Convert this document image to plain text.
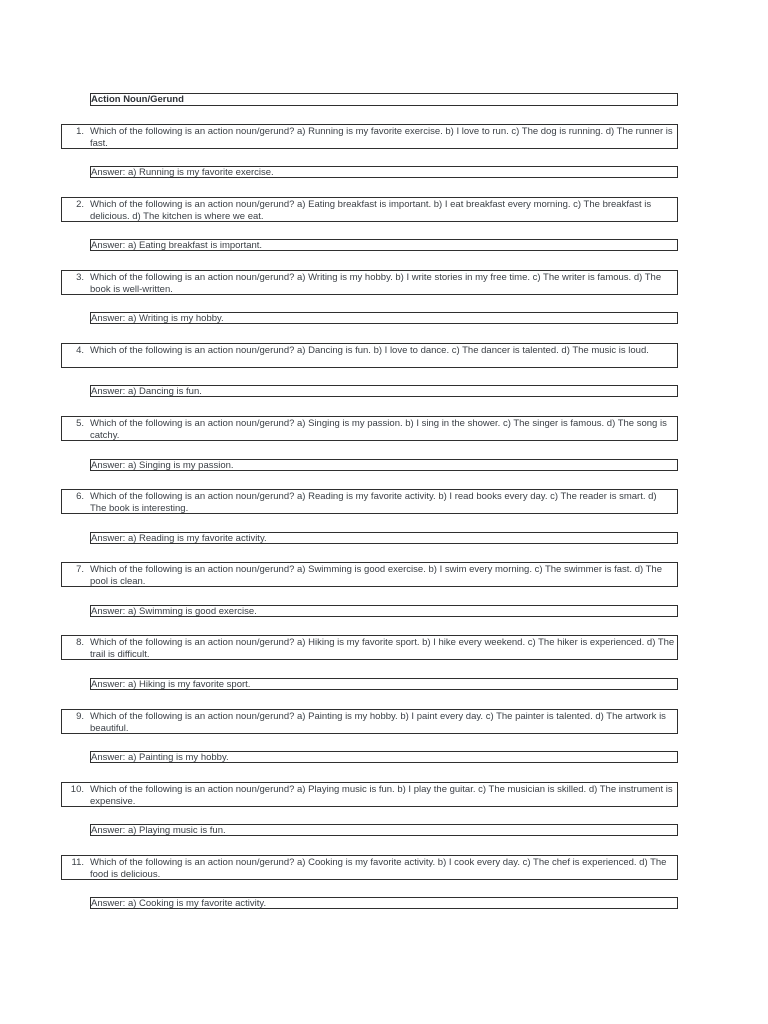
Action Noun/Gerund
1. Which of the following is an action noun/gerund? a) Running is my favorite exercise. b) I love to run. c) The dog is running. d) The runner is fast.
Answer: a) Running is my favorite exercise.
2. Which of the following is an action noun/gerund? a) Eating breakfast is important. b) I eat breakfast every morning. c) The breakfast is delicious. d) The kitchen is where we eat.
Answer: a) Eating breakfast is important.
3. Which of the following is an action noun/gerund? a) Writing is my hobby. b) I write stories in my free time. c) The writer is famous. d) The book is well-written.
Answer: a) Writing is my hobby.
4. Which of the following is an action noun/gerund? a) Dancing is fun. b) I love to dance. c) The dancer is talented. d) The music is loud.
Answer: a) Dancing is fun.
5. Which of the following is an action noun/gerund? a) Singing is my passion. b) I sing in the shower. c) The singer is famous. d) The song is catchy.
Answer: a) Singing is my passion.
6. Which of the following is an action noun/gerund? a) Reading is my favorite activity. b) I read books every day. c) The reader is smart. d) The book is interesting.
Answer: a) Reading is my favorite activity.
7. Which of the following is an action noun/gerund? a) Swimming is good exercise. b) I swim every morning. c) The swimmer is fast. d) The pool is clean.
Answer: a) Swimming is good exercise.
8. Which of the following is an action noun/gerund? a) Hiking is my favorite sport. b) I hike every weekend. c) The hiker is experienced. d) The trail is difficult.
Answer: a) Hiking is my favorite sport.
9. Which of the following is an action noun/gerund? a) Painting is my hobby. b) I paint every day. c) The painter is talented. d) The artwork is beautiful.
Answer: a) Painting is my hobby.
10. Which of the following is an action noun/gerund? a) Playing music is fun. b) I play the guitar. c) The musician is skilled. d) The instrument is expensive.
Answer: a) Playing music is fun.
11. Which of the following is an action noun/gerund? a) Cooking is my favorite activity. b) I cook every day. c) The chef is experienced. d) The food is delicious.
Answer: a) Cooking is my favorite activity.
